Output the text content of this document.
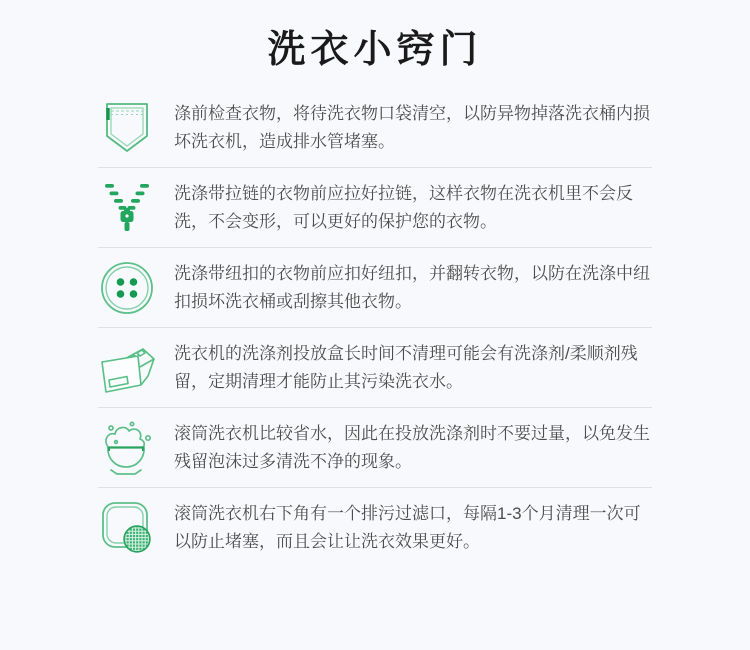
洗衣小窍门

涤前检查衣物，将待洗衣物口袋清空，以防异物掉落洗衣桶内损坏洗衣机，造成排水管堵塞。

洗涤带拉链的衣物前应拉好拉链，这样衣物在洗衣机里不会反洗，不会变形，可以更好的保护您的衣物。

洗涤带纽扣的衣物前应扣好纽扣，并翻转衣物，以防在洗涤中纽扣损坏洗衣桶或刮擦其他衣物。

洗衣机的洗涤剂投放盒长时间不清理可能会有洗涤剂/柔顺剂残留，定期清理才能防止其污染洗衣水。

滚筒洗衣机比较省水，因此在投放洗涤剂时不要过量，以免发生残留泡沫过多清洗不净的现象。

滚筒洗衣机右下角有一个排污过滤口，每隔1-3个月清理一次可以防止堵塞，而且会让让洗衣效果更好。
